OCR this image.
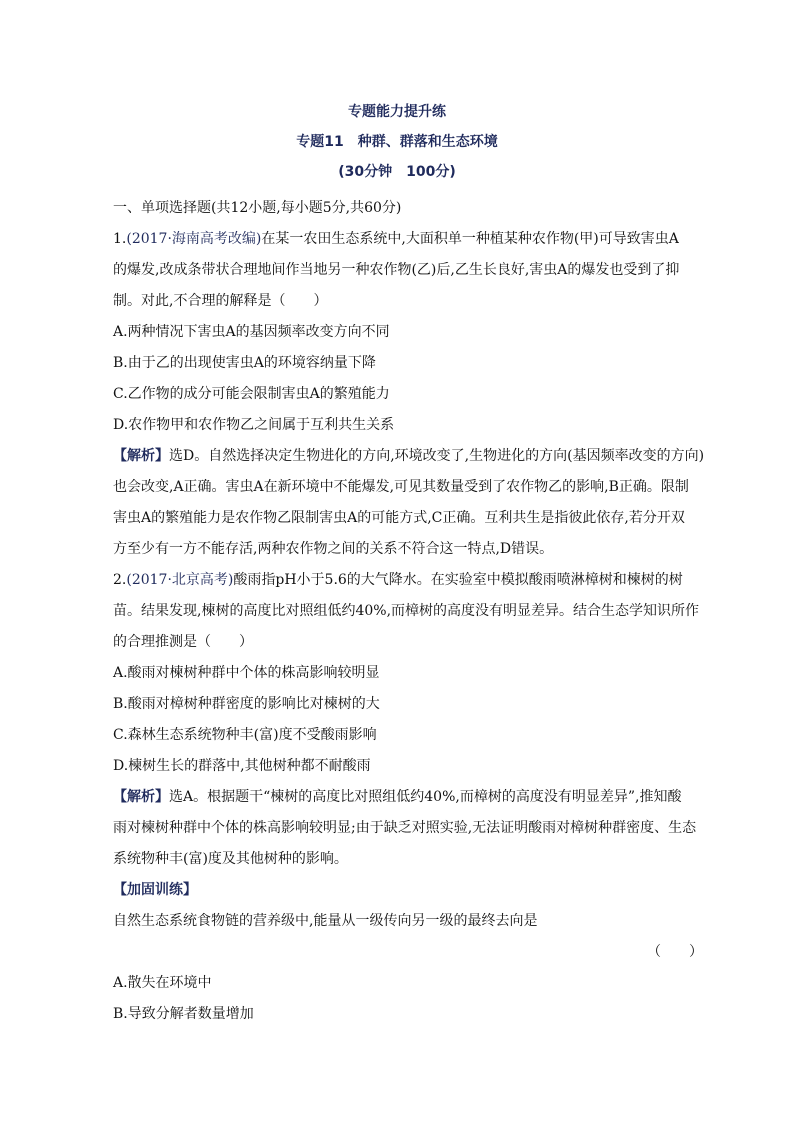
专题能力提升练
专题11　种群、群落和生态环境
(30分钟　100分)
一、单项选择题(共12小题,每小题5分,共60分)
1.(2017·海南高考改编)在某一农田生态系统中,大面积单一种植某种农作物(甲)可导致害虫A
的爆发,改成条带状合理地间作当地另一种农作物(乙)后,乙生长良好,害虫A的爆发也受到了抑
制。对此,不合理的解释是（　　）
A.两种情况下害虫A的基因频率改变方向不同
B.由于乙的出现使害虫A的环境容纳量下降
C.乙作物的成分可能会限制害虫A的繁殖能力
D.农作物甲和农作物乙之间属于互利共生关系
【解析】选D。自然选择决定生物进化的方向,环境改变了,生物进化的方向(基因频率改变的方向)
也会改变,A正确。害虫A在新环境中不能爆发,可见其数量受到了农作物乙的影响,B正确。限制
害虫A的繁殖能力是农作物乙限制害虫A的可能方式,C正确。互利共生是指彼此依存,若分开双
方至少有一方不能存活,两种农作物之间的关系不符合这一特点,D错误。
2.(2017·北京高考)酸雨指pH小于5.6的大气降水。在实验室中模拟酸雨喷淋樟树和楝树的树
苗。结果发现,楝树的高度比对照组低约40%,而樟树的高度没有明显差异。结合生态学知识所作
的合理推测是（　　）
A.酸雨对楝树种群中个体的株高影响较明显
B.酸雨对樟树种群密度的影响比对楝树的大
C.森林生态系统物种丰(富)度不受酸雨影响
D.楝树生长的群落中,其他树种都不耐酸雨
【解析】选A。根据题干“楝树的高度比对照组低约40%,而樟树的高度没有明显差异”,推知酸
雨对楝树种群中个体的株高影响较明显;由于缺乏对照实验,无法证明酸雨对樟树种群密度、生态
系统物种丰(富)度及其他树种的影响。
【加固训练】
自然生态系统食物链的营养级中,能量从一级传向另一级的最终去向是
（　　）
A.散失在环境中
B.导致分解者数量增加
